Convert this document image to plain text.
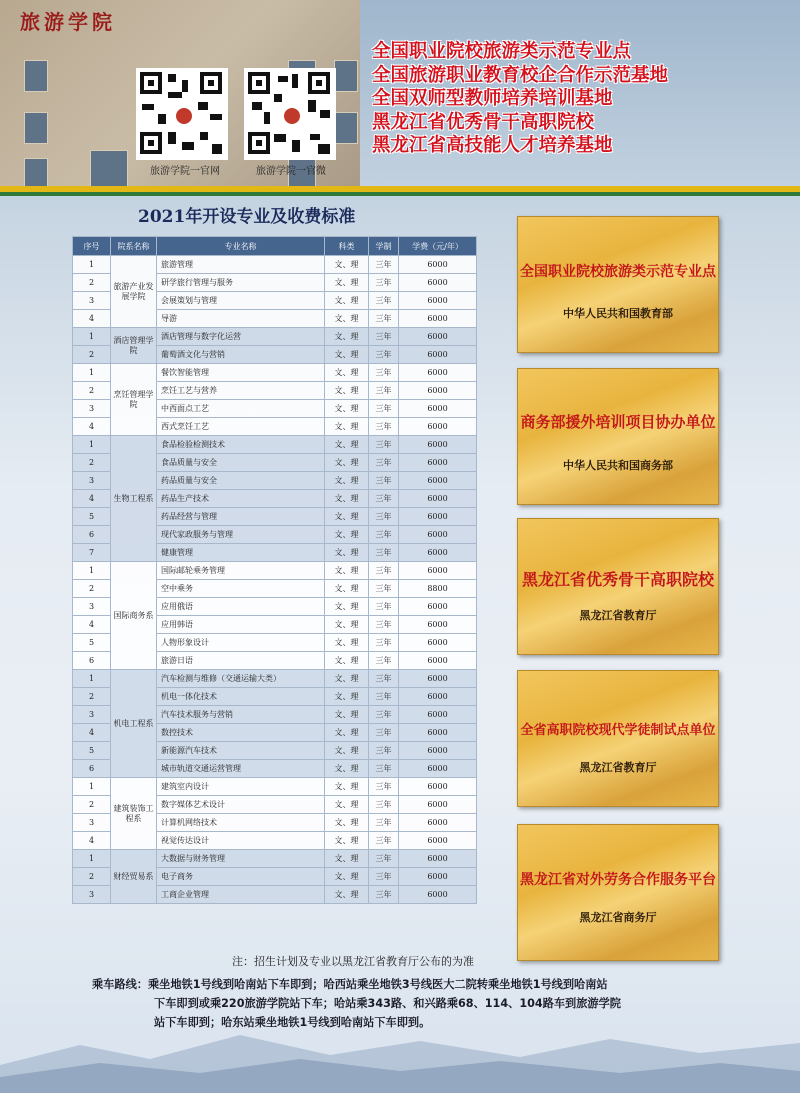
旅游学院
旅游学院一官网	旅游学院一官微
全国职业院校旅游类示范专业点
全国旅游职业教育校企合作示范基地
全国双师型教师培养培训基地
黑龙江省优秀骨干高职院校
黑龙江省高技能人才培养基地
2021年开设专业及收费标准
序号	院系名称	专业名称	科类	学制	学费（元/年）
1	旅游产业发展学院	旅游管理	文、理	三年	6000
2		研学旅行管理与服务	文、理	三年	6000
3		会展策划与管理	文、理	三年	6000
4		导游	文、理	三年	6000
1	酒店管理学院	酒店管理与数字化运营	文、理	三年	6000
2		葡萄酒文化与营销	文、理	三年	6000
1	烹饪管理学院	餐饮智能管理	文、理	三年	6000
2		烹饪工艺与营养	文、理	三年	6000
3		中西面点工艺	文、理	三年	6000
4		西式烹饪工艺	文、理	三年	6000
1	生物工程系	食品检验检测技术	文、理	三年	6000
2		食品质量与安全	文、理	三年	6000
3		药品质量与安全	文、理	三年	6000
4		药品生产技术	文、理	三年	6000
5		药品经营与管理	文、理	三年	6000
6		现代家政服务与管理	文、理	三年	6000
7		健康管理	文、理	三年	6000
1	国际商务系	国际邮轮乘务管理	文、理	三年	6000
2		空中乘务	文、理	三年	8800
3		应用俄语	文、理	三年	6000
4		应用韩语	文、理	三年	6000
5		人物形象设计	文、理	三年	6000
6		旅游日语	文、理	三年	6000
1	机电工程系	汽车检测与维修（交通运输大类）	文、理	三年	6000
2		机电一体化技术	文、理	三年	6000
3		汽车技术服务与营销	文、理	三年	6000
4		数控技术	文、理	三年	6000
5		新能源汽车技术	文、理	三年	6000
6		城市轨道交通运营管理	文、理	三年	6000
1	建筑装饰工程系	建筑室内设计	文、理	三年	6000
2		数字媒体艺术设计	文、理	三年	6000
3		计算机网络技术	文、理	三年	6000
4		视觉传达设计	文、理	三年	6000
1	财经贸易系	大数据与财务管理	文、理	三年	6000
2		电子商务	文、理	三年	6000
3		工商企业管理	文、理	三年	6000
注：招生计划及专业以黑龙江省教育厅公布的为准
全国职业院校旅游类示范专业点
中华人民共和国教育部
商务部援外培训项目协办单位
中华人民共和国商务部
黑龙江省优秀骨干高职院校
黑龙江省教育厅
全省高职院校现代学徒制试点单位
黑龙江省教育厅
黑龙江省对外劳务合作服务平台
黑龙江省商务厅
乘车路线：乘坐地铁1号线到哈南站下车即到；哈西站乘坐地铁3号线医大二院转乘坐地铁1号线到哈南站
下车即到或乘220旅游学院站下车；哈站乘343路、和兴路乘68、114、104路车到旅游学院
站下车即到；哈东站乘坐地铁1号线到哈南站下车即到。
